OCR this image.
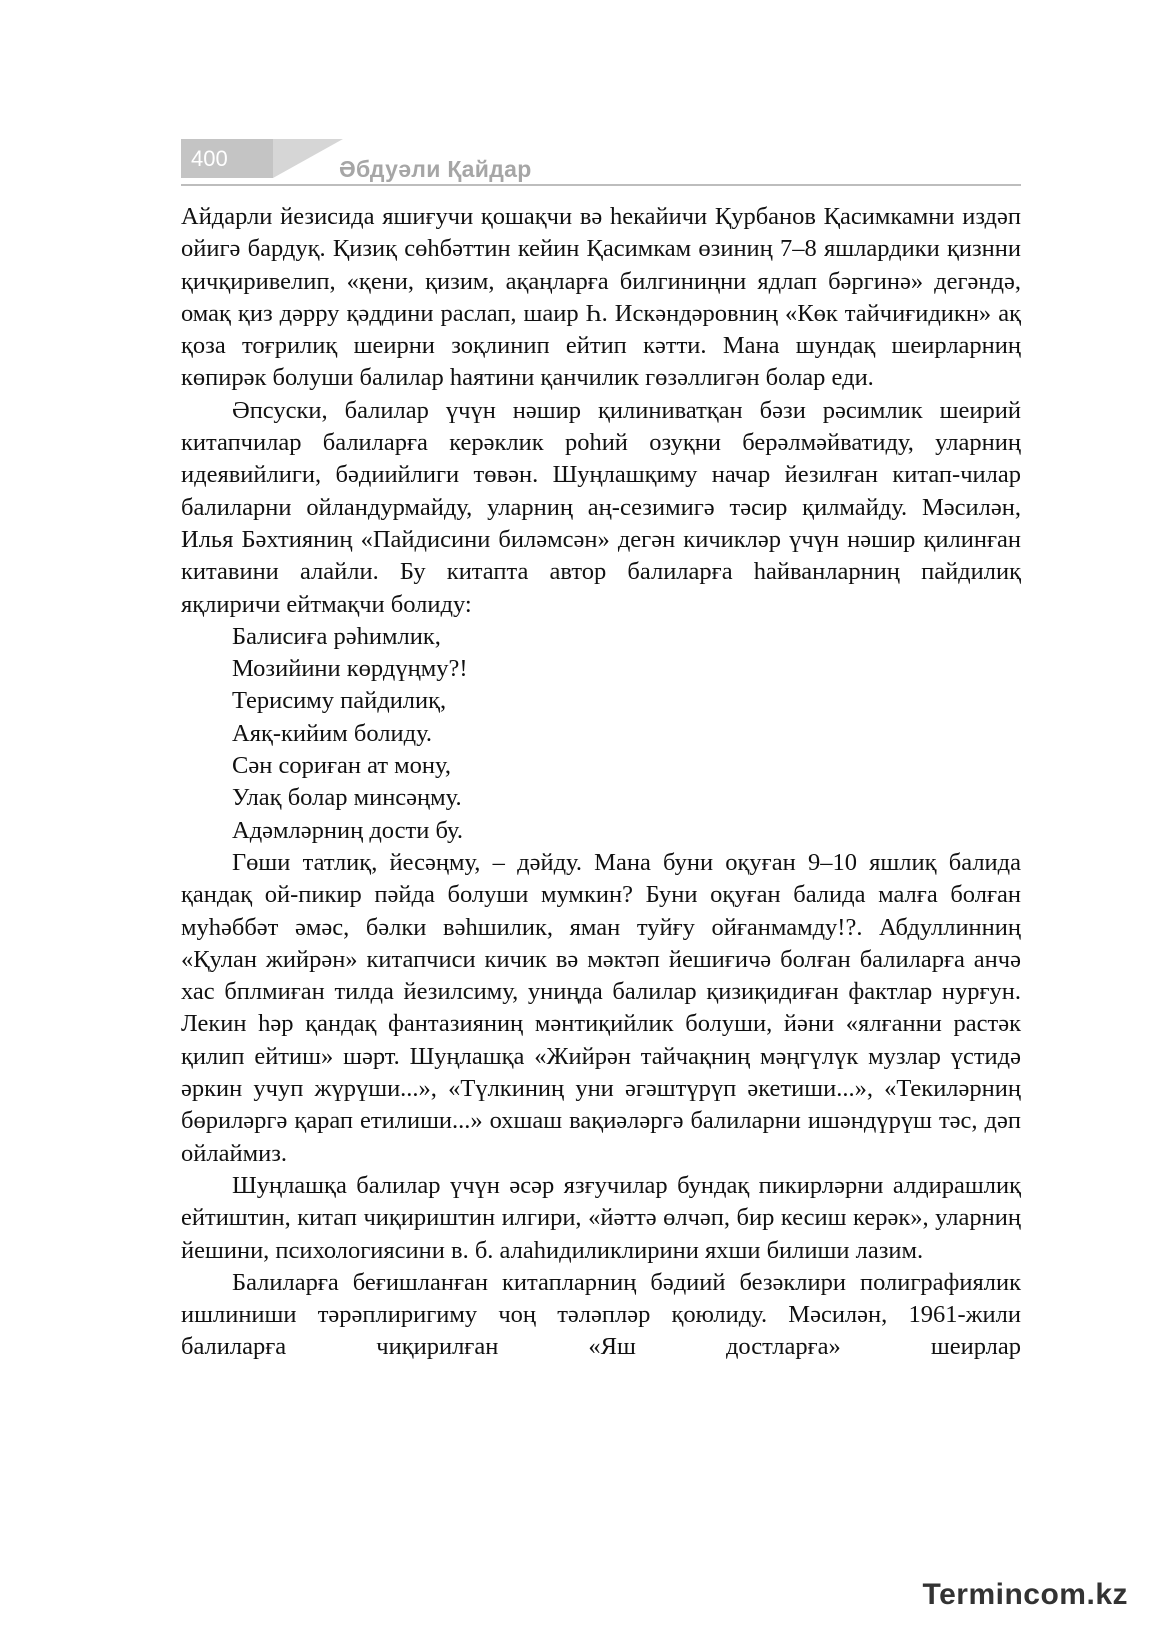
400	Әбдуәли Қайдар

Айдарли йезисида яшиғучи қошақчи вә һекайичи Қурбанов Қасимкамни издәп ойигә бардуқ. Қизиқ сөһбәттин кейин Қасимкам өзиниң 7–8 яшлардики қизнни қичқиривелип, «қени, қизим, ақаңларға билгиниңни ядлап бәргинә» дегәндә, омақ қиз дәрру қәддини раслап, шаир Һ. Искәндәровниң «Көк тайчиғидикн» ақ қоза тоғрилиқ шеирни зоқлинип ейтип кәтти. Мана шундақ шеирларниң көпирәк болуши балилар һаятини қанчилик гөзәллигән болар еди.

Әпсуски, балилар үчүн нәшир қилиниватқан бәзи рәсимлик шеирий китапчилар балиларға керәклик роһий озуқни берәлмәйватиду, уларниң идеявийлиги, бәдиийлиги төвән. Шуңлашқиму начар йезилған китап-чилар балиларни ойландурмайду, уларниң аң-сезимигә тәсир қилмайду. Мәсилән, Илья Бәхтияниң «Пайдисини биләмсән» дегән кичикләр үчүн нәшир қилинған китавини алайли. Бу китапта автор балиларға һайванларниң пайдилиқ яқлиричи ейтмақчи болиду:

Балисиға рәһимлик,
Мозийини көрдүңму?!
Терисиму пайдилиқ,
Аяқ-кийим болиду.
Сән сориған ат мону,
Улақ болар минсәңму.
Адәмләрниң дости бу.

Гөши татлиқ, йесәңму, – дәйду. Мана буни оқуған 9–10 яшлиқ балида қандақ ой-пикир пәйда болуши мумкин? Буни оқуған балида малға болған муһәббәт әмәс, бәлки вәһшилик, яман туйғу ойғанмамду!?. Абдуллинниң «Қулан жийрән» китапчиси кичик вә мәктәп йешиғичә болған балиларға анчә хас бплмиған тилда йезилсиму, униңда балилар қизиқидиған фактлар нурғун. Лекин һәр қандақ фантазияниң мәнтиқийлик болуши, йәни «ялғанни растәк қилип ейтиш» шәрт. Шуңлашқа «Жийрән тайчақниң мәңгүлүк музлар үстидә әркин учуп жүрүши...», «Түлкиниң уни әгәштүрүп әкетиши...», «Текиләрниң бөриләргә қарап етилиши...» охшаш вақиәләргә балиларни ишәндүрүш тәс, дәп ойлаймиз.

Шуңлашқа балилар үчүн әсәр язғучилар бундақ пикирләрни алдирашлиқ ейтиштин, китап чиқириштин илгири, «йәттә өлчәп, бир кесиш керәк», уларниң йешини, психологиясини в. б. алаһидиликлирини яхши билиши лазим.

Балиларға беғишланған китапларниң бәдиий безәклири полиграфиялик ишлиниши тәрәплиригиму чоң тәләпләр қоюлиду. Мәсилән, 1961-жили балиларға чиқирилған «Яш достларға» шеирлар

Termincom.kz
